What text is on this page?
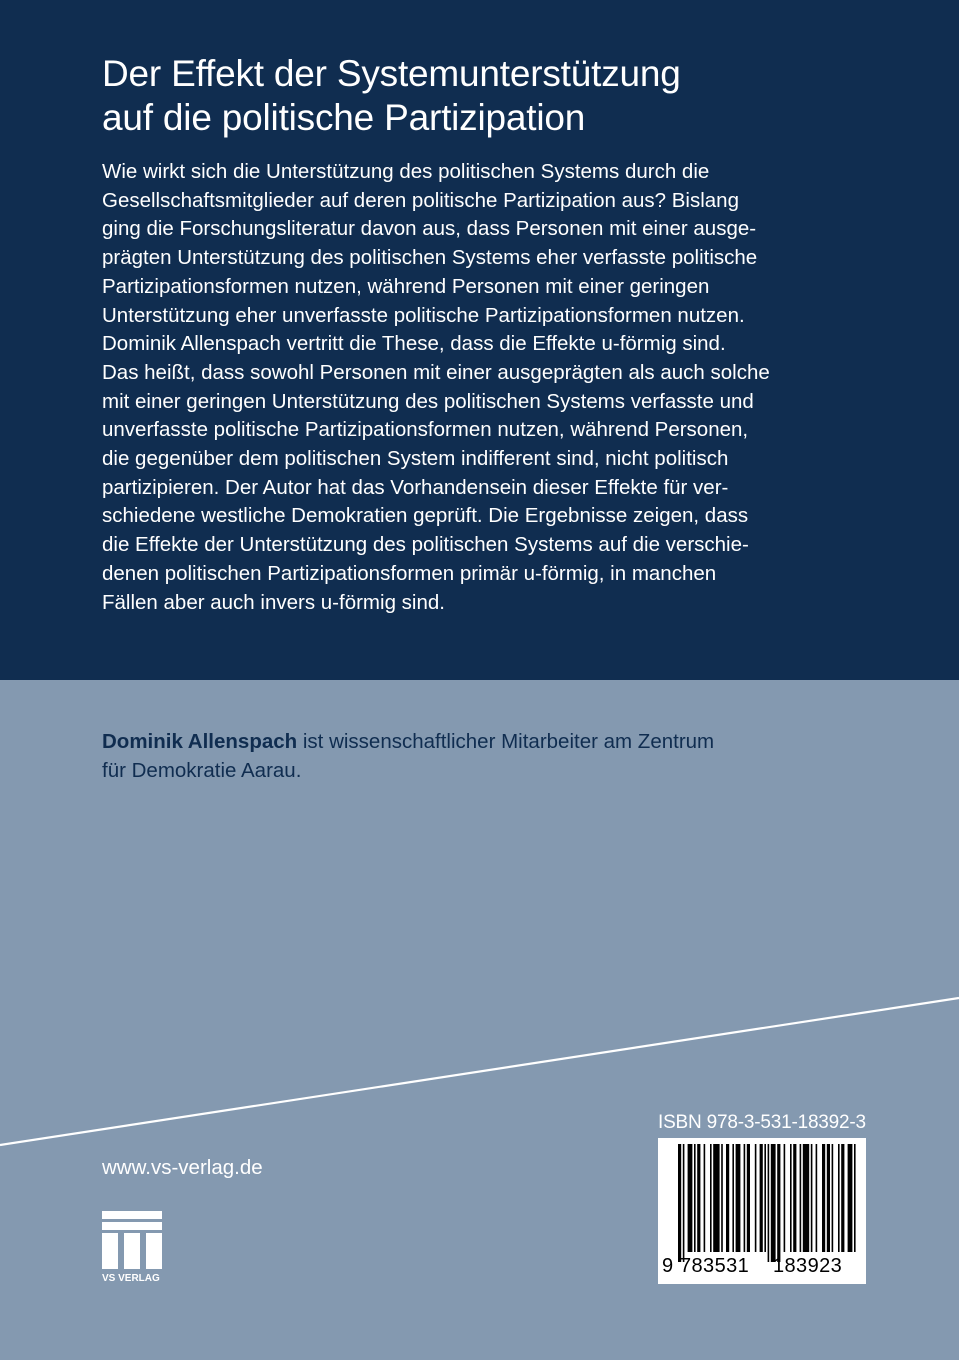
Der Effekt der Systemunterstützung
auf die politische Partizipation
Wie wirkt sich die Unterstützung des politischen Systems durch die
Gesellschaftsmitglieder auf deren politische Partizipation aus? Bislang
ging die Forschungsliteratur davon aus, dass Personen mit einer ausge-
prägten Unterstützung des politischen Systems eher verfasste politische
Partizipationsformen nutzen, während Personen mit einer geringen
Unterstützung eher unverfasste politische Partizipationsformen nutzen.
Dominik Allenspach vertritt die These, dass die Effekte u-förmig sind.
Das heißt, dass sowohl Personen mit einer ausgeprägten als auch solche
mit einer geringen Unterstützung des politischen Systems verfasste und
unverfasste politische Partizipationsformen nutzen, während Personen,
die gegenüber dem politischen System indifferent sind, nicht politisch
partizipieren. Der Autor hat das Vorhandensein dieser Effekte für ver-
schiedene westliche Demokratien geprüft. Die Ergebnisse zeigen, dass
die Effekte der Unterstützung des politischen Systems auf die verschie-
denen politischen Partizipationsformen primär u-förmig, in manchen
Fällen aber auch invers u-förmig sind.
Dominik Allenspach ist wissenschaftlicher Mitarbeiter am Zentrum
für Demokratie Aarau.
www.vs-verlag.de
VS VERLAG
ISBN 978-3-531-18392-3
9 783531 183923
